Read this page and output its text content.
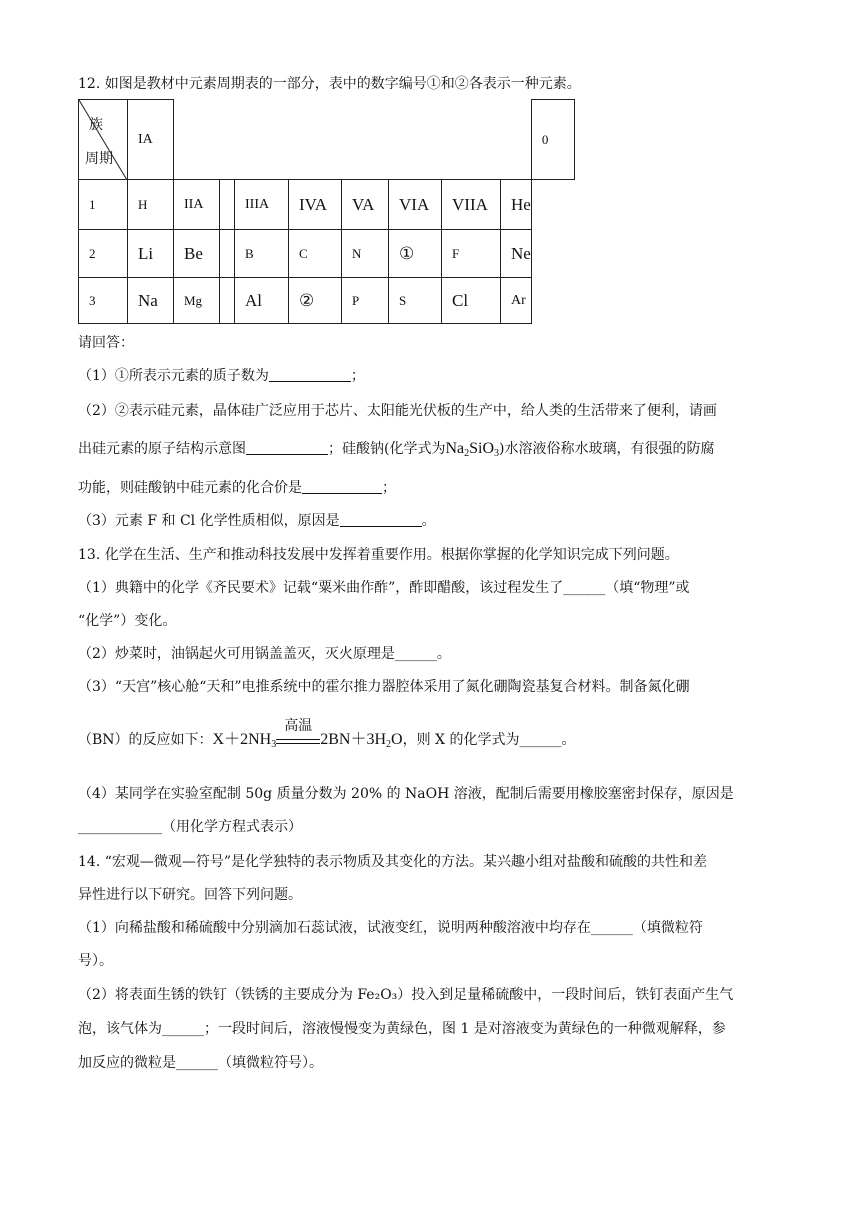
12. 如图是教材中元素周期表的一部分，表中的数字编号①和②各表示一种元素。
族
周期	IA									0
1	H	IIA		IIIA	IVA	VA	VIA	VIIA	He	
2	Li	Be		B	C	N	①	F	Ne	
3	Na	Mg		Al	②	P	S	Cl	Ar	
请回答：
（1）①所表示元素的质子数为	；
（2）②表示硅元素，晶体硅广泛应用于芯片、太阳能光伏板的生产中，给人类的生活带来了便利，请画
出硅元素的原子结构示意图	；硅酸钠(化学式为$Na_2SiO_3$)水溶液俗称水玻璃，有很强的防腐
功能，则硅酸钠中硅元素的化合价是	；
（3）元素 F 和 Cl 化学性质相似，原因是	。
13. 化学在生活、生产和推动科技发展中发挥着重要作用。根据你掌握的化学知识完成下列问题。
（1）典籍中的化学《齐民要术》记载“粟米曲作酢”，酢即醋酸，该过程发生了______（填“物理”或
“化学”）变化。
（2）炒菜时，油锅起火可用锅盖盖灭，灭火原理是______。
（3）“天宫”核心舱“天和”电推系统中的霍尔推力器腔体采用了氮化硼陶瓷基复合材料。制备氮化硼
（BN）的反应如下：$X+2NH_3$
高温
$2BN+3H_2O$，则 X 的化学式为______。
（4）某同学在实验室配制 50g 质量分数为 20% 的 NaOH 溶液，配制后需要用橡胶塞密封保存，原因是
____________（用化学方程式表示）
14. “宏观—微观—符号”是化学独特的表示物质及其变化的方法。某兴趣小组对盐酸和硫酸的共性和差
异性进行以下研究。回答下列问题。
（1）向稀盐酸和稀硫酸中分别滴加石蕊试液，试液变红，说明两种酸溶液中均存在______（填微粒符
号）。
（2）将表面生锈的铁钉（铁锈的主要成分为 Fe₂O₃）投入到足量稀硫酸中，一段时间后，铁钉表面产生气
泡，该气体为______；一段时间后，溶液慢慢变为黄绿色，图 1 是对溶液变为黄绿色的一种微观解释，参
加反应的微粒是______（填微粒符号）。
